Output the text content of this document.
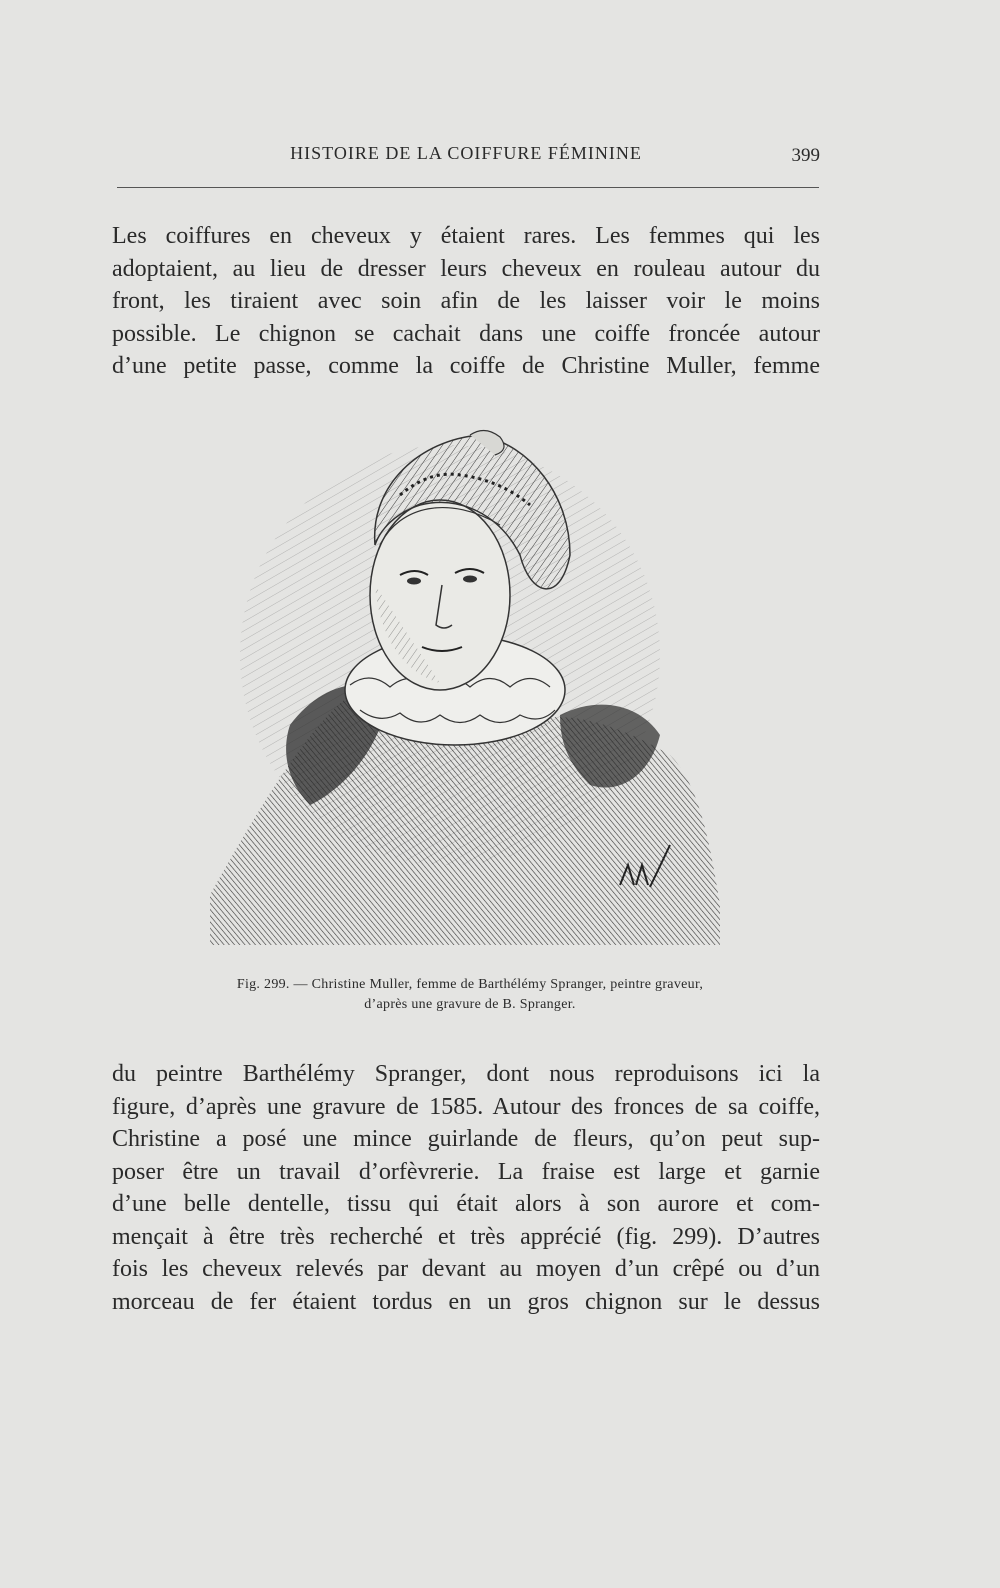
HISTOIRE DE LA COIFFURE FÉMININE	399
Les coiffures en cheveux y étaient rares. Les femmes qui les
adoptaient, au lieu de dresser leurs cheveux en rouleau autour du
front, les tiraient avec soin afin de les laisser voir le moins
possible. Le chignon se cachait dans une coiffe froncée autour
d’une petite passe, comme la coiffe de Christine Muller, femme
Fig. 299. — Christine Muller, femme de Barthélémy Spranger, peintre graveur,
d’après une gravure de B. Spranger.
du peintre Barthélémy Spranger, dont nous reproduisons ici la
figure, d’après une gravure de 1585. Autour des fronces de sa coiffe,
Christine a posé une mince guirlande de fleurs, qu’on peut sup-
poser être un travail d’orfèvrerie. La fraise est large et garnie
d’une belle dentelle, tissu qui était alors à son aurore et com-
mençait à être très recherché et très apprécié (fig. 299). D’autres
fois les cheveux relevés par devant au moyen d’un crêpé ou d’un
morceau de fer étaient tordus en un gros chignon sur le dessus
